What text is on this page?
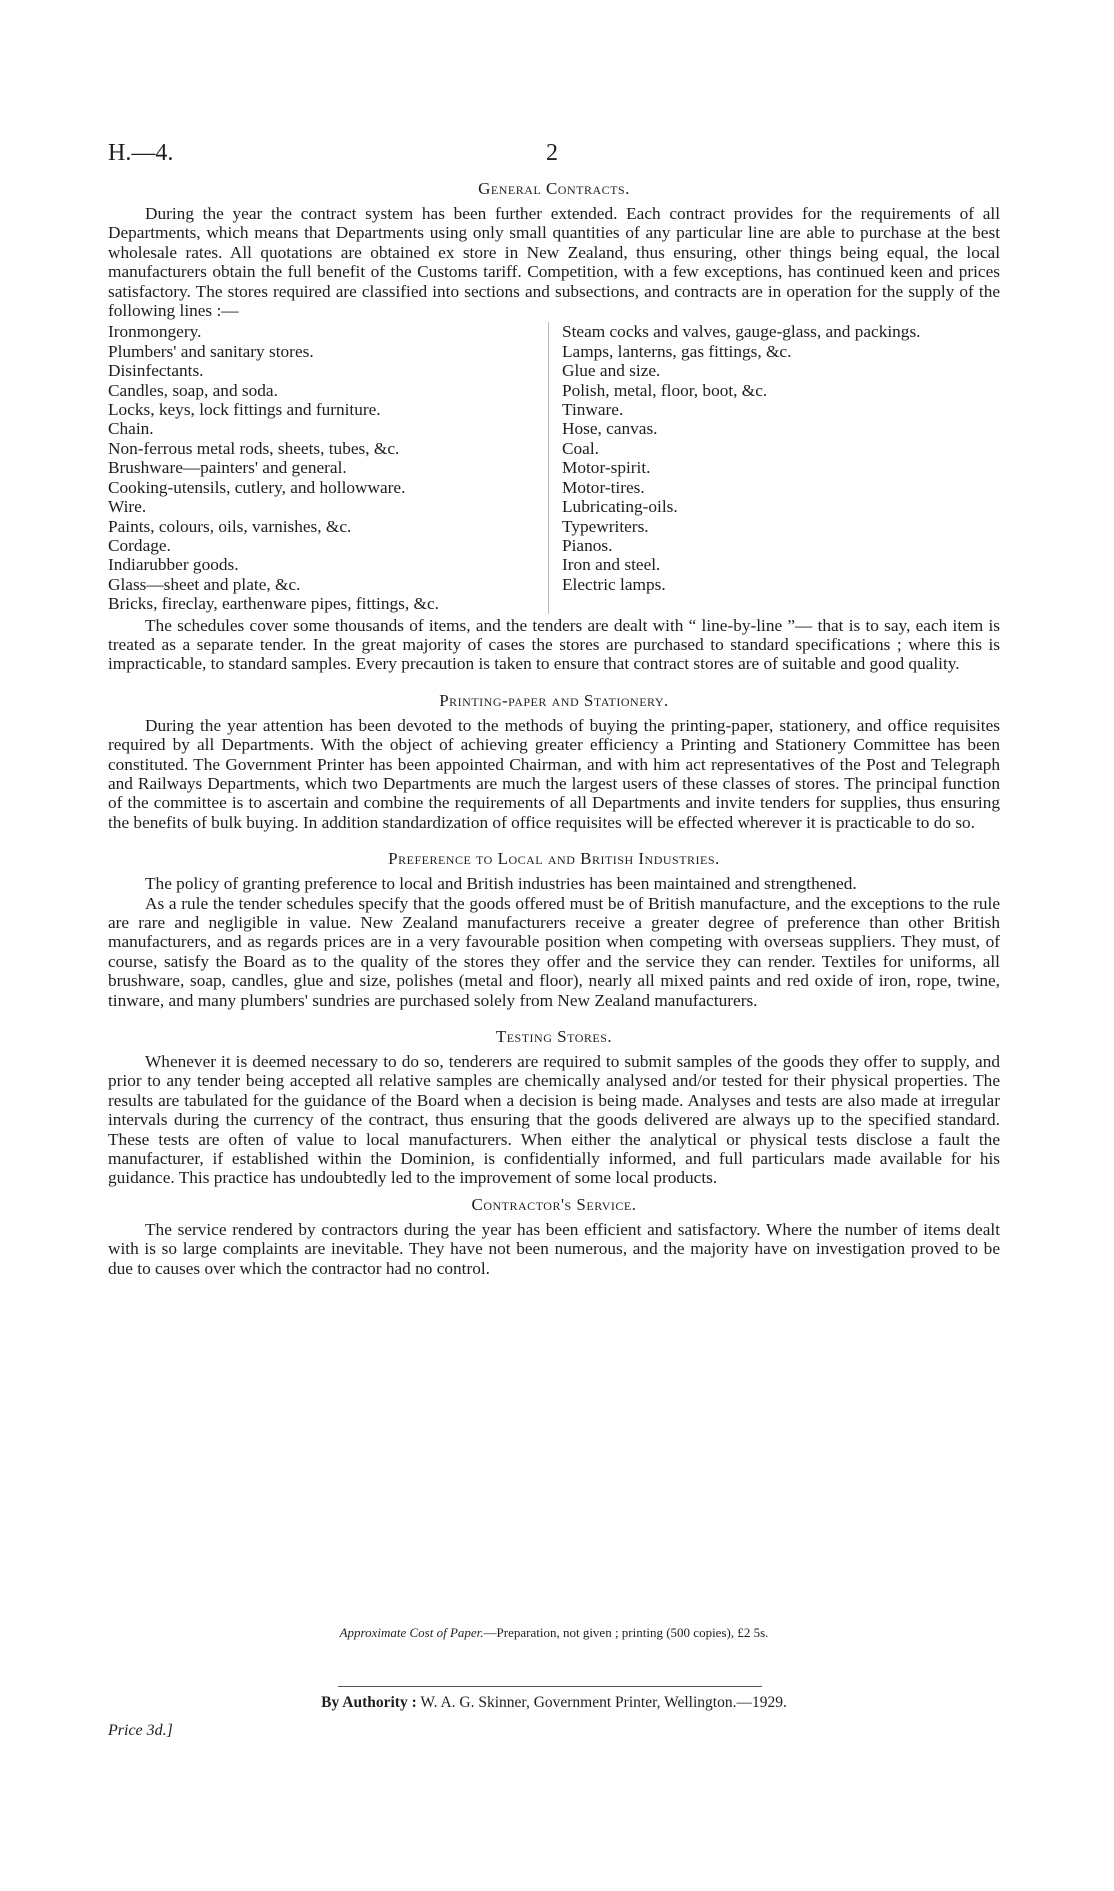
H.—4.	2
General Contracts.

During the year the contract system has been further extended. Each contract provides for the requirements of all Departments, which means that Departments using only small quantities of any particular line are able to purchase at the best wholesale rates. All quotations are obtained ex store in New Zealand, thus ensuring, other things being equal, the local manufacturers obtain the full benefit of the Customs tariff. Competition, with a few exceptions, has continued keen and prices satisfactory. The stores required are classified into sections and subsections, and contracts are in operation for the supply of the following lines :—

Ironmongery.
Plumbers' and sanitary stores.
Disinfectants.
Candles, soap, and soda.
Locks, keys, lock fittings and furniture.
Chain.
Non-ferrous metal rods, sheets, tubes, &c.
Brushware—painters' and general.
Cooking-utensils, cutlery, and hollowware.
Wire.
Paints, colours, oils, varnishes, &c.
Cordage.
Indiarubber goods.
Glass—sheet and plate, &c.
Bricks, fireclay, earthenware pipes, fittings, &c.
Steam cocks and valves, gauge-glass, and packings.
Lamps, lanterns, gas fittings, &c.
Glue and size.
Polish, metal, floor, boot, &c.
Tinware.
Hose, canvas.
Coal.
Motor-spirit.
Motor-tires.
Lubricating-oils.
Typewriters.
Pianos.
Iron and steel.
Electric lamps.

The schedules cover some thousands of items, and the tenders are dealt with “ line-by-line ”— that is to say, each item is treated as a separate tender. In the great majority of cases the stores are purchased to standard specifications ; where this is impracticable, to standard samples. Every precaution is taken to ensure that contract stores are of suitable and good quality.

Printing-paper and Stationery.

During the year attention has been devoted to the methods of buying the printing-paper, stationery, and office requisites required by all Departments. With the object of achieving greater efficiency a Printing and Stationery Committee has been constituted. The Government Printer has been appointed Chairman, and with him act representatives of the Post and Telegraph and Railways Departments, which two Departments are much the largest users of these classes of stores. The principal function of the committee is to ascertain and combine the requirements of all Departments and invite tenders for supplies, thus ensuring the benefits of bulk buying. In addition standardization of office requisites will be effected wherever it is practicable to do so.

Preference to Local and British Industries.

The policy of granting preference to local and British industries has been maintained and strengthened.

As a rule the tender schedules specify that the goods offered must be of British manufacture, and the exceptions to the rule are rare and negligible in value. New Zealand manufacturers receive a greater degree of preference than other British manufacturers, and as regards prices are in a very favourable position when competing with overseas suppliers. They must, of course, satisfy the Board as to the quality of the stores they offer and the service they can render. Textiles for uniforms, all brushware, soap, candles, glue and size, polishes (metal and floor), nearly all mixed paints and red oxide of iron, rope, twine, tinware, and many plumbers' sundries are purchased solely from New Zealand manufacturers.

Testing Stores.

Whenever it is deemed necessary to do so, tenderers are required to submit samples of the goods they offer to supply, and prior to any tender being accepted all relative samples are chemically analysed and/or tested for their physical properties. The results are tabulated for the guidance of the Board when a decision is being made. Analyses and tests are also made at irregular intervals during the currency of the contract, thus ensuring that the goods delivered are always up to the specified standard. These tests are often of value to local manufacturers. When either the analytical or physical tests disclose a fault the manufacturer, if established within the Dominion, is confidentially informed, and full particulars made available for his guidance. This practice has undoubtedly led to the improvement of some local products.

Contractor's Service.

The service rendered by contractors during the year has been efficient and satisfactory. Where the number of items dealt with is so large complaints are inevitable. They have not been numerous, and the majority have on investigation proved to be due to causes over which the contractor had no control.

Approximate Cost of Paper.—Preparation, not given ; printing (500 copies), £2 5s.
By Authority : W. A. G. Skinner, Government Printer, Wellington.—1929.
Price 3d.]
